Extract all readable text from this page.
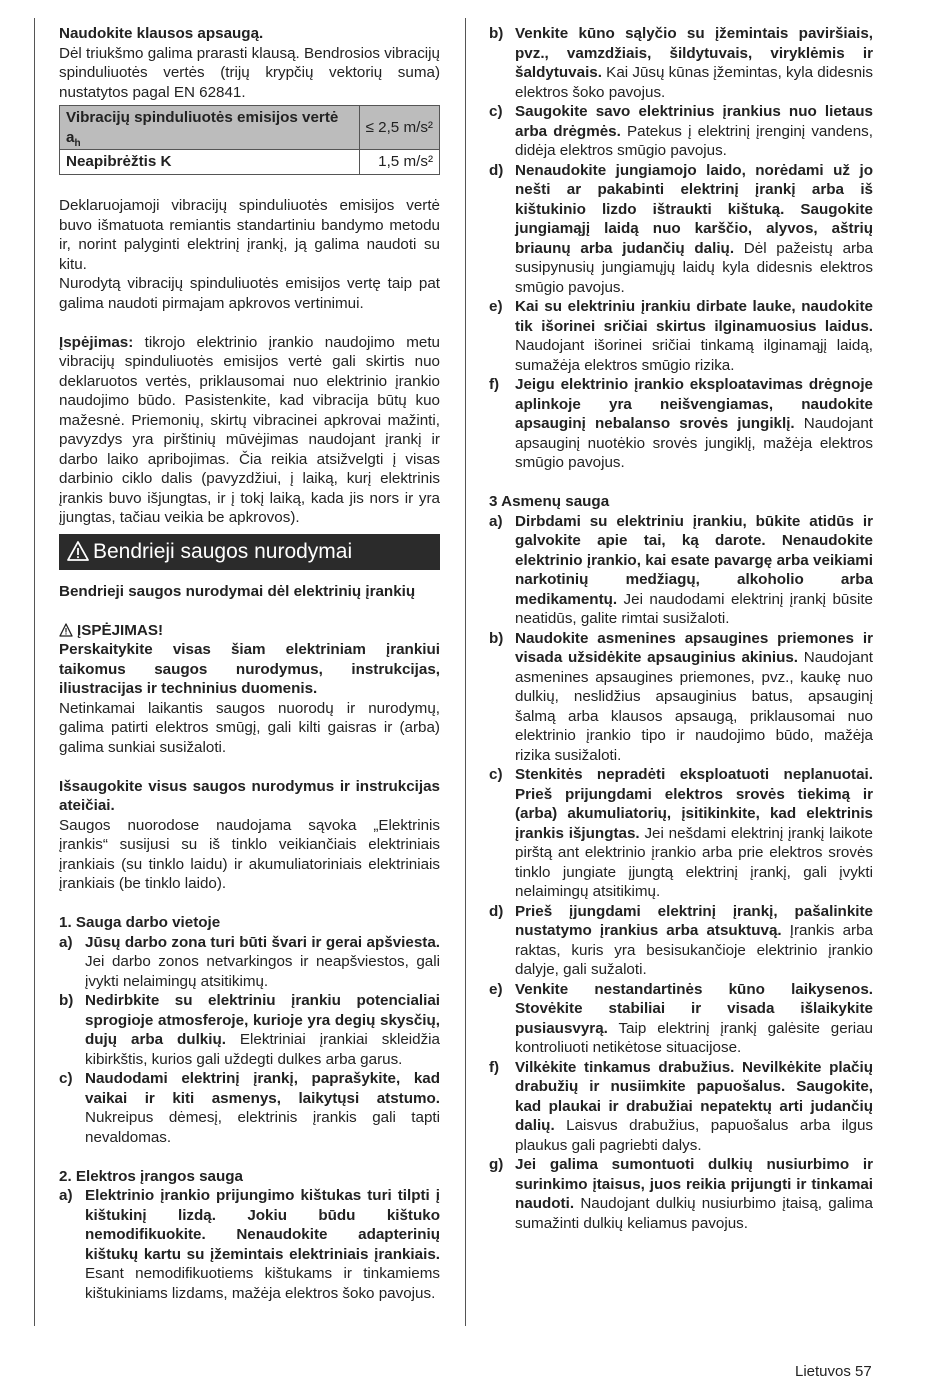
Naudokite klausos apsaugą.

Dėl triukšmo galima prarasti klausą. Bendrosios vibracijų spinduliuotės vertės (trijų krypčių vektorių suma) nustatytos pagal EN 62841.

Vibracijų spinduliuotės emisijos vertė $a_h$	≤ 2,5 m/s²
Neapibrėžtis K	1,5 m/s²

Deklaruojamoji vibracijų spinduliuotės emisijos vertė buvo išmatuota remiantis standartiniu bandymo metodu ir, norint palyginti elektrinį įrankį, ją galima naudoti su kitu.

Nurodytą vibracijų spinduliuotės emisijos vertę taip pat galima naudoti pirmajam apkrovos vertinimui.

Įspėjimas: tikrojo elektrinio įrankio naudojimo metu vibracijų spinduliuotės emisijos vertė gali skirtis nuo deklaruotos vertės, priklausomai nuo elektrinio įrankio naudojimo būdo. Pasistenkite, kad vibracija būtų kuo mažesnė. Priemonių, skirtų vibracinei apkrovai mažinti, pavyzdys yra pirštinių mūvėjimas naudojant įrankį ir darbo laiko apribojimas. Čia reikia atsižvelgti į visas darbinio ciklo dalis (pavyzdžiui, į laiką, kurį elektrinis įrankis buvo išjungtas, ir į tokį laiką, kada jis nors ir yra įjungtas, tačiau veikia be apkrovos).

Bendrieji saugos nurodymai

Bendrieji saugos nurodymai dėl elektrinių įrankių

ĮSPĖJIMAS!

Perskaitykite visas šiam elektriniam įrankiui taikomus saugos nurodymus, instrukcijas, iliustracijas ir techninius duomenis.

Netinkamai laikantis saugos nuorodų ir nurodymų, galima patirti elektros smūgį, gali kilti gaisras ir (arba) galima sunkiai susižaloti.

Išsaugokite visus saugos nurodymus ir instrukcijas ateičiai.

Saugos nuorodose naudojama sąvoka „Elektrinis įrankis“ susijusi su iš tinklo veikiančiais elektriniais įrankiais (su tinklo laidu) ir akumuliatoriniais elektriniais įrankiais (be tinklo laido).

1. Sauga darbo vietoje

a) Jūsų darbo zona turi būti švari ir gerai apšviesta. Jei darbo zonos netvarkingos ir neapšviestos, gali įvykti nelaimingų atsitikimų.
b) Nedirbkite su elektriniu įrankiu potencialiai sprogioje atmosferoje, kurioje yra degių skysčių, dujų arba dulkių. Elektriniai įrankiai skleidžia kibirkštis, kurios gali uždegti dulkes arba garus.
c) Naudodami elektrinį įrankį, paprašykite, kad vaikai ir kiti asmenys, laikytųsi atstumo. Nukreipus dėmesį, elektrinis įrankis gali tapti nevaldomas.

2. Elektros įrangos sauga

a) Elektrinio įrankio prijungimo kištukas turi tilpti į kištukinį lizdą. Jokiu būdu kištuko nemodifikuokite. Nenaudokite adapterinių kištukų kartu su įžemintais elektriniais įrankiais. Esant nemodifikuotiems kištukams ir tinkamiems kištukiniams lizdams, mažėja elektros šoko pavojus.
b) Venkite kūno sąlyčio su įžemintais paviršiais, pvz., vamzdžiais, šildytuvais, viryklėmis ir šaldytuvais. Kai Jūsų kūnas įžemintas, kyla didesnis elektros šoko pavojus.
c) Saugokite savo elektrinius įrankius nuo lietaus arba drėgmės. Patekus į elektrinį įrenginį vandens, didėja elektros smūgio pavojus.
d) Nenaudokite jungiamojo laido, norėdami už jo nešti ar pakabinti elektrinį įrankį arba iš kištukinio lizdo ištraukti kištuką. Saugokite jungiamąjį laidą nuo karščio, alyvos, aštrių briaunų arba judančių dalių. Dėl pažeistų arba susipynusių jungiamųjų laidų kyla didesnis elektros smūgio pavojus.
e) Kai su elektriniu įrankiu dirbate lauke, naudokite tik išorinei sričiai skirtus ilginamuosius laidus. Naudojant išorinei sričiai tinkamą ilginamąjį laidą, sumažėja elektros smūgio rizika.
f)	Jeigu elektrinio įrankio eksploatavimas drėgnoje aplinkoje yra neišvengiamas, naudokite apsauginį nebalanso srovės jungiklį. Naudojant apsauginį nuotėkio srovės jungiklį, mažėja elektros smūgio pavojus.

3 Asmenų sauga

a) Dirbdami su elektriniu įrankiu, būkite atidūs ir galvokite apie tai, ką darote. Nenaudokite elektrinio įrankio, kai esate pavargę arba veikiami narkotinių medžiagų, alkoholio arba medikamentų. Jei naudodami elektrinį įrankį būsite neatidūs, galite rimtai susižaloti.
b) Naudokite asmenines apsaugines priemones ir visada užsidėkite apsauginius akinius. Naudojant asmenines apsaugines priemones, pvz., kaukę nuo dulkių, neslidžius apsauginius batus, apsauginį šalmą arba klausos apsaugą, priklausomai nuo elektrinio įrankio tipo ir naudojimo būdo, mažėja rizika susižaloti.
c) Stenkitės nepradėti eksploatuoti neplanuotai. Prieš prijungdami elektros srovės tiekimą ir (arba) akumuliatorių, įsitikinkite, kad elektrinis įrankis išjungtas. Jei nešdami elektrinį įrankį laikote pirštą ant elektrinio įrankio arba prie elektros srovės tinklo jungiate įjungtą elektrinį įrankį, gali įvykti nelaimingų atsitikimų.
d) Prieš įjungdami elektrinį įrankį, pašalinkite nustatymo įrankius arba atsuktuvą. Įrankis arba raktas, kuris yra besisukančioje elektrinio įrankio dalyje, gali sužaloti.
e) Venkite nestandartinės kūno laikysenos. Stovėkite stabiliai ir visada išlaikykite pusiausvyrą. Taip elektrinį įrankį galėsite geriau kontroliuoti netikėtose situacijose.
f)	Vilkėkite tinkamus drabužius. Nevilkėkite plačių drabužių ir nusiimkite papuošalus. Saugokite, kad plaukai ir drabužiai nepatektų arti judančių dalių. Laisvus drabužius, papuošalus arba ilgus plaukus gali pagriebti dalys.
g) Jei galima sumontuoti dulkių nusiurbimo ir surinkimo įtaisus, juos reikia prijungti ir tinkamai naudoti. Naudojant dulkių nusiurbimo įtaisą, galima sumažinti dulkių keliamus pavojus.
Lietuvos 57
